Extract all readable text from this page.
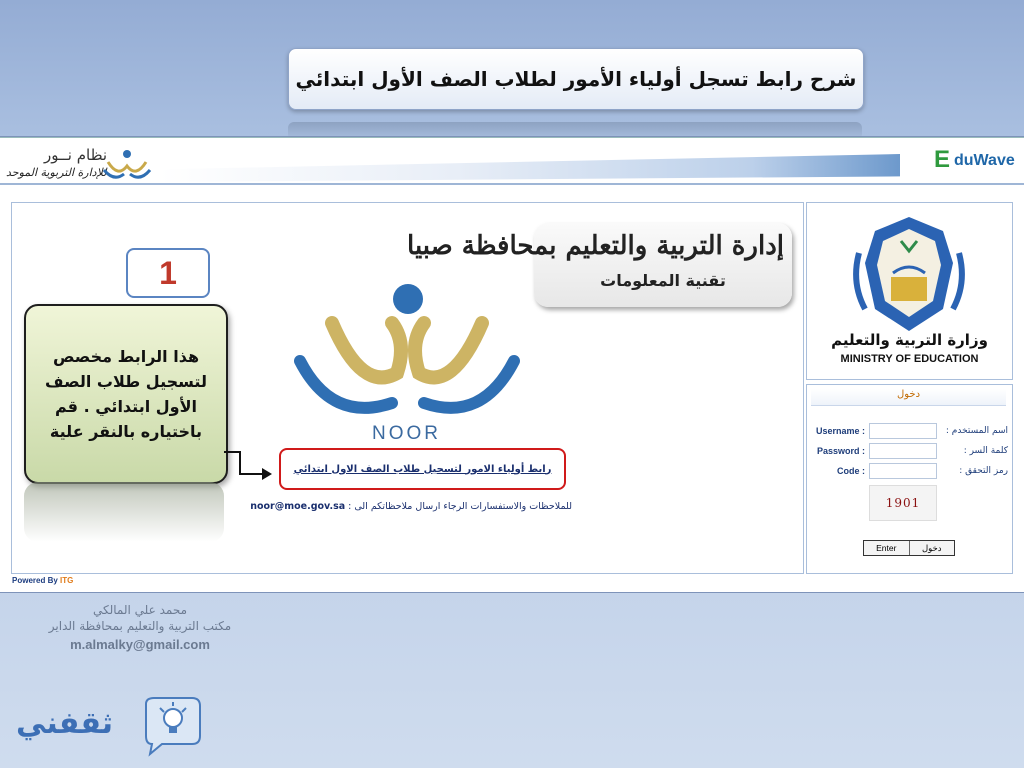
شرح رابط تسجل أولياء الأمور لطلاب الصف الأول ابتدائي
نظام نــور
للإدارة التربوية الموحد	E duWave
إدارة التربية والتعليم بمحافظة صبيا
تقنية المعلومات
NOOR
رابط أولياء الامور لتسجيل طلاب الصف الاول ابتدائي
للملاحظات والاستفسارات الرجاء ارسال ملاحظاتكم الى : noor@moe.gov.sa
Powered By ITG
وزارة التربية والتعليم
MINISTRY OF EDUCATION
دخول
Username :	اسم المستخدم :
Password :	كلمة السر :
Code :	رمز التحقق :
1901
Enter	دخول
1
هذا الرابط مخصص لتسجيل طلاب الصف الأول ابتدائي . قم باختياره بالنقر علية
محمد علي المالكي
مكتب التربية والتعليم بمحافظة الداير
m.almalky@gmail.com
ثقفني
